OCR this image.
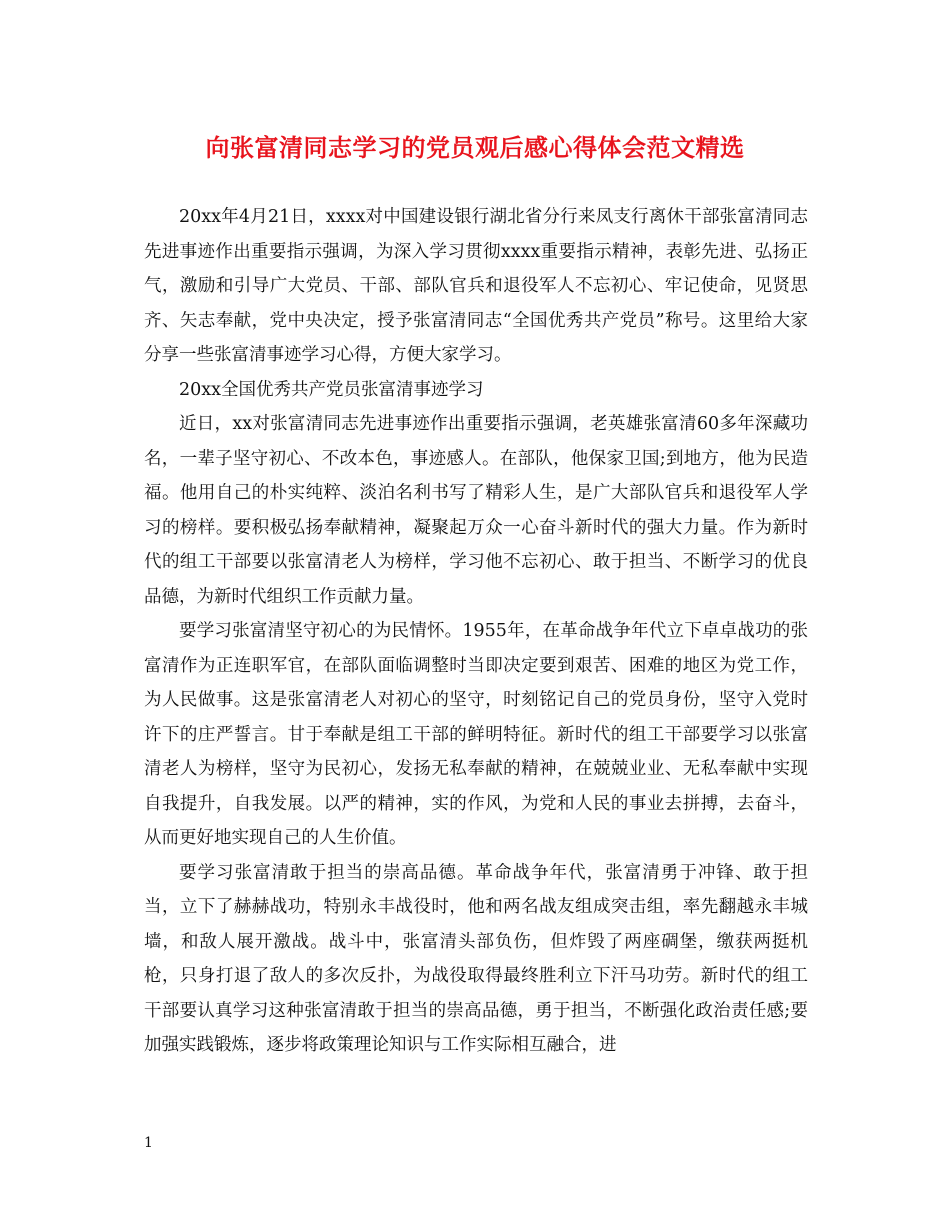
向张富清同志学习的党员观后感心得体会范文精选

20xx年4月21日，xxxx对中国建设银行湖北省分行来凤支行离休干部张富清同志先进事迹作出重要指示强调，为深入学习贯彻xxxx重要指示精神，表彰先进、弘扬正气，激励和引导广大党员、干部、部队官兵和退役军人不忘初心、牢记使命，见贤思齐、矢志奉献，党中央决定，授予张富清同志“全国优秀共产党员”称号。这里给大家分享一些张富清事迹学习心得，方便大家学习。

20xx全国优秀共产党员张富清事迹学习

近日，xx对张富清同志先进事迹作出重要指示强调，老英雄张富清60多年深藏功名，一辈子坚守初心、不改本色，事迹感人。在部队，他保家卫国;到地方，他为民造福。他用自己的朴实纯粹、淡泊名利书写了精彩人生，是广大部队官兵和退役军人学习的榜样。要积极弘扬奉献精神，凝聚起万众一心奋斗新时代的强大力量。作为新时代的组工干部要以张富清老人为榜样，学习他不忘初心、敢于担当、不断学习的优良品德，为新时代组织工作贡献力量。

要学习张富清坚守初心的为民情怀。1955年，在革命战争年代立下卓卓战功的张富清作为正连职军官，在部队面临调整时当即决定要到艰苦、困难的地区为党工作，为人民做事。这是张富清老人对初心的坚守，时刻铭记自己的党员身份，坚守入党时许下的庄严誓言。甘于奉献是组工干部的鲜明特征。新时代的组工干部要学习以张富清老人为榜样，坚守为民初心，发扬无私奉献的精神，在兢兢业业、无私奉献中实现自我提升，自我发展。以严的精神，实的作风，为党和人民的事业去拼搏，去奋斗，从而更好地实现自己的人生价值。

要学习张富清敢于担当的崇高品德。革命战争年代，张富清勇于冲锋、敢于担当，立下了赫赫战功，特别永丰战役时，他和两名战友组成突击组，率先翻越永丰城墙，和敌人展开激战。战斗中，张富清头部负伤，但炸毁了两座碉堡，缴获两挺机枪，只身打退了敌人的多次反扑，为战役取得最终胜利立下汗马功劳。新时代的组工干部要认真学习这种张富清敢于担当的崇高品德，勇于担当，不断强化政治责任感;要加强实践锻炼，逐步将政策理论知识与工作实际相互融合，进

1
